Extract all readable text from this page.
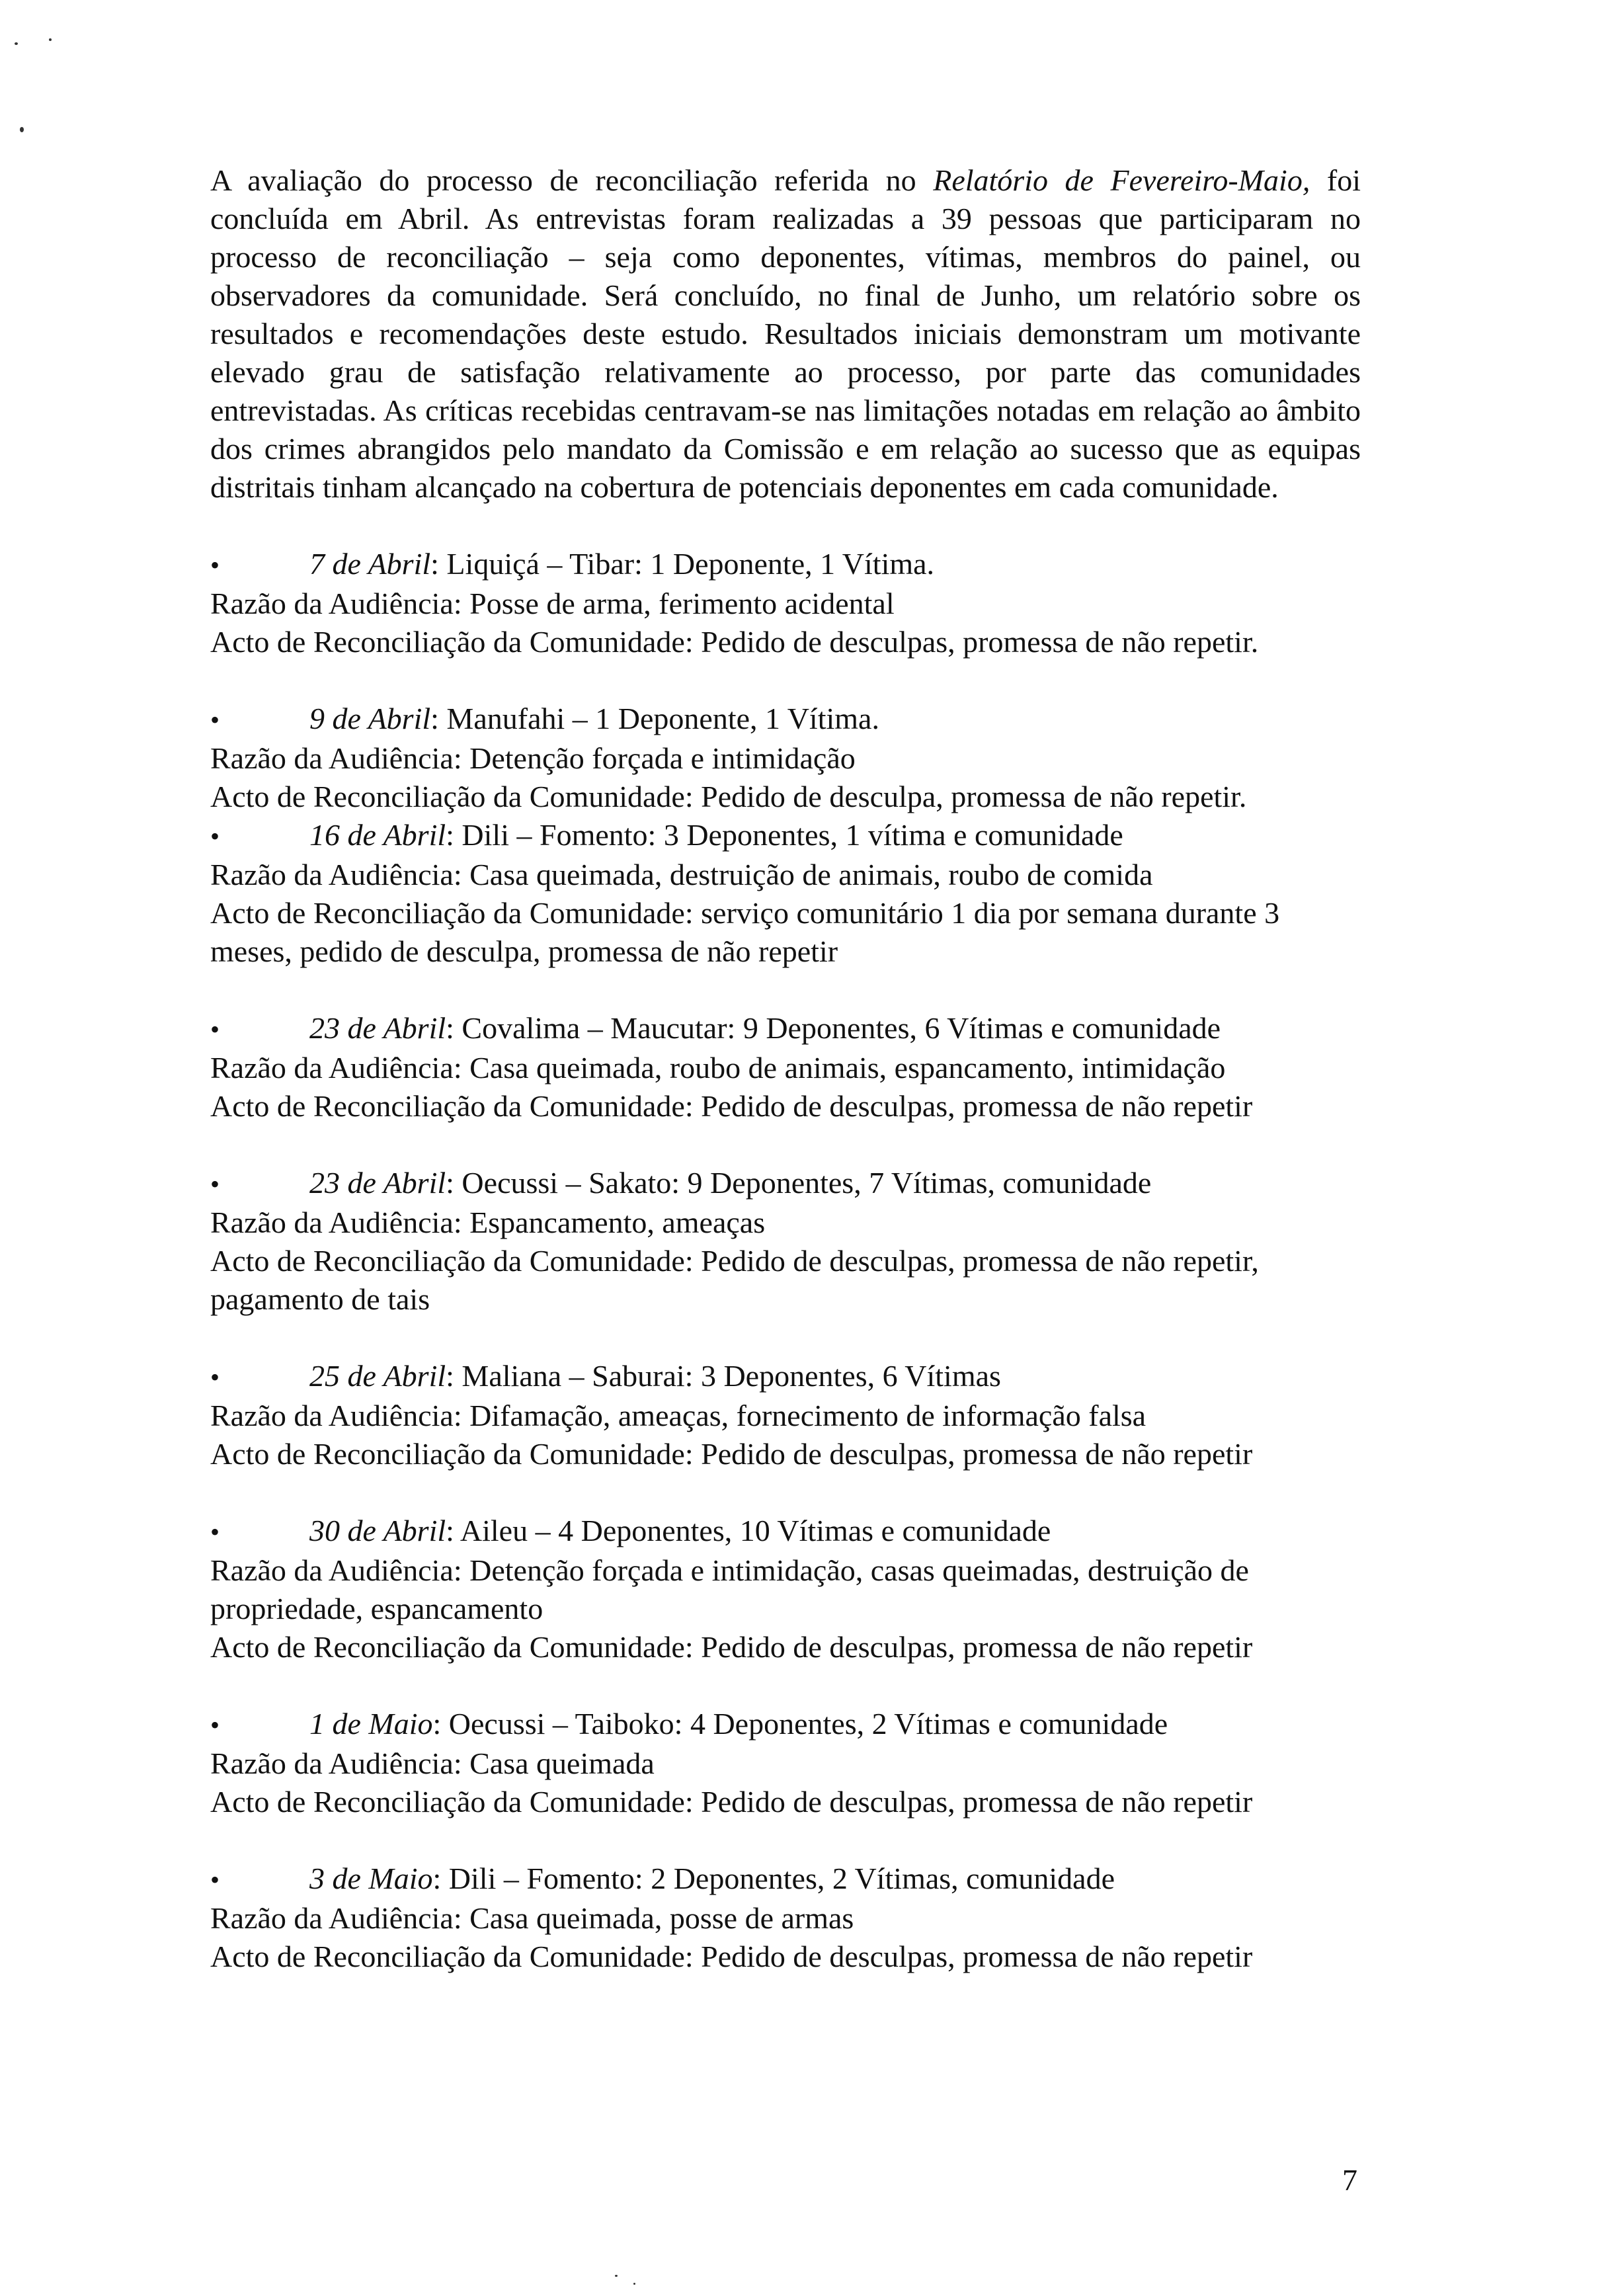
A avaliação do processo de reconciliação referida no Relatório de Fevereiro-Maio, foi concluída em Abril. As entrevistas foram realizadas a 39 pessoas que participaram no processo de reconciliação – seja como deponentes, vítimas, membros do painel, ou observadores da comunidade. Será concluído, no final de Junho, um relatório sobre os resultados e recomendações deste estudo. Resultados iniciais demonstram um motivante elevado grau de satisfação relativamente ao processo, por parte das comunidades entrevistadas. As críticas recebidas centravam-se nas limitações notadas em relação ao âmbito dos crimes abrangidos pelo mandato da Comissão e em relação ao sucesso que as equipas distritais tinham alcançado na cobertura de potenciais deponentes em cada comunidade.

•7 de Abril: Liquiçá – Tibar: 1 Deponente, 1 Vítima.
Razão da Audiência: Posse de arma, ferimento acidental
Acto de Reconciliação da Comunidade: Pedido de desculpas, promessa de não repetir.
•9 de Abril: Manufahi – 1 Deponente, 1 Vítima.
Razão da Audiência: Detenção forçada e intimidação
Acto de Reconciliação da Comunidade: Pedido de desculpa, promessa de não repetir.
•16 de Abril: Dili – Fomento: 3 Deponentes, 1 vítima e comunidade
Razão da Audiência: Casa queimada, destruição de animais, roubo de comida
Acto de Reconciliação da Comunidade: serviço comunitário 1 dia por semana durante 3 meses, pedido de desculpa, promessa de não repetir
•23 de Abril: Covalima – Maucutar: 9 Deponentes, 6 Vítimas e comunidade
Razão da Audiência: Casa queimada, roubo de animais, espancamento, intimidação
Acto de Reconciliação da Comunidade: Pedido de desculpas, promessa de não repetir
•23 de Abril: Oecussi – Sakato: 9 Deponentes, 7 Vítimas, comunidade
Razão da Audiência: Espancamento, ameaças
Acto de Reconciliação da Comunidade: Pedido de desculpas, promessa de não repetir, pagamento de tais
•25 de Abril: Maliana – Saburai: 3 Deponentes, 6 Vítimas
Razão da Audiência: Difamação, ameaças, fornecimento de informação falsa
Acto de Reconciliação da Comunidade: Pedido de desculpas, promessa de não repetir
•30 de Abril: Aileu – 4 Deponentes, 10 Vítimas e comunidade
Razão da Audiência: Detenção forçada e intimidação, casas queimadas, destruição de propriedade, espancamento
Acto de Reconciliação da Comunidade: Pedido de desculpas, promessa de não repetir
•1 de Maio: Oecussi – Taiboko: 4 Deponentes, 2 Vítimas e comunidade
Razão da Audiência: Casa queimada
Acto de Reconciliação da Comunidade: Pedido de desculpas, promessa de não repetir
•3 de Maio: Dili – Fomento: 2 Deponentes, 2 Vítimas, comunidade
Razão da Audiência: Casa queimada, posse de armas
Acto de Reconciliação da Comunidade: Pedido de desculpas, promessa de não repetir
7
